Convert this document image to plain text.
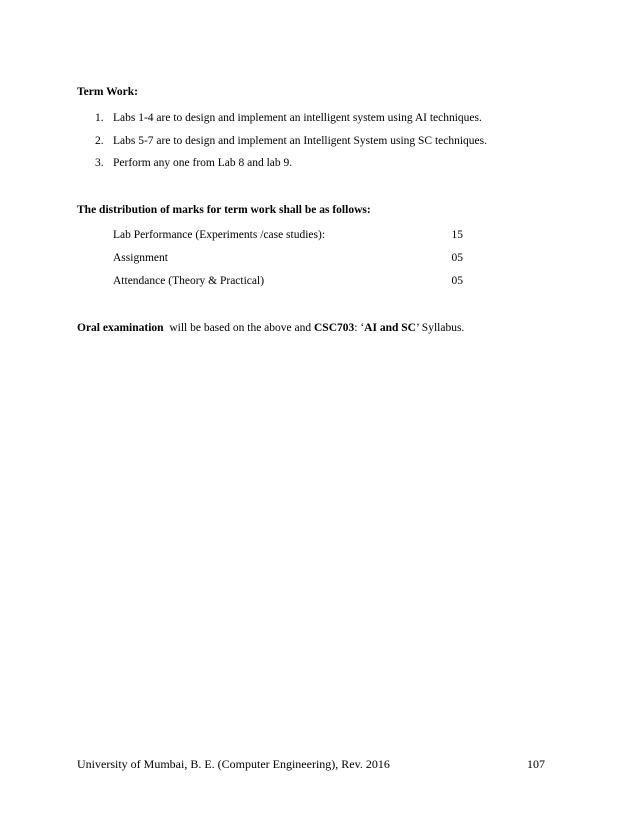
Term Work:
1. Labs 1-4 are to design and implement an intelligent system using AI techniques.
2. Labs 5-7 are to design and implement an Intelligent System using SC techniques.
3. Perform any one from Lab 8 and lab 9.
The distribution of marks for term work shall be as follows:
Lab Performance (Experiments /case studies):	15
Assignment	05
Attendance (Theory & Practical)	05
Oral examination  will be based on the above and CSC703: ‘AI and SC’ Syllabus.
University of Mumbai, B. E. (Computer Engineering), Rev. 2016	107
